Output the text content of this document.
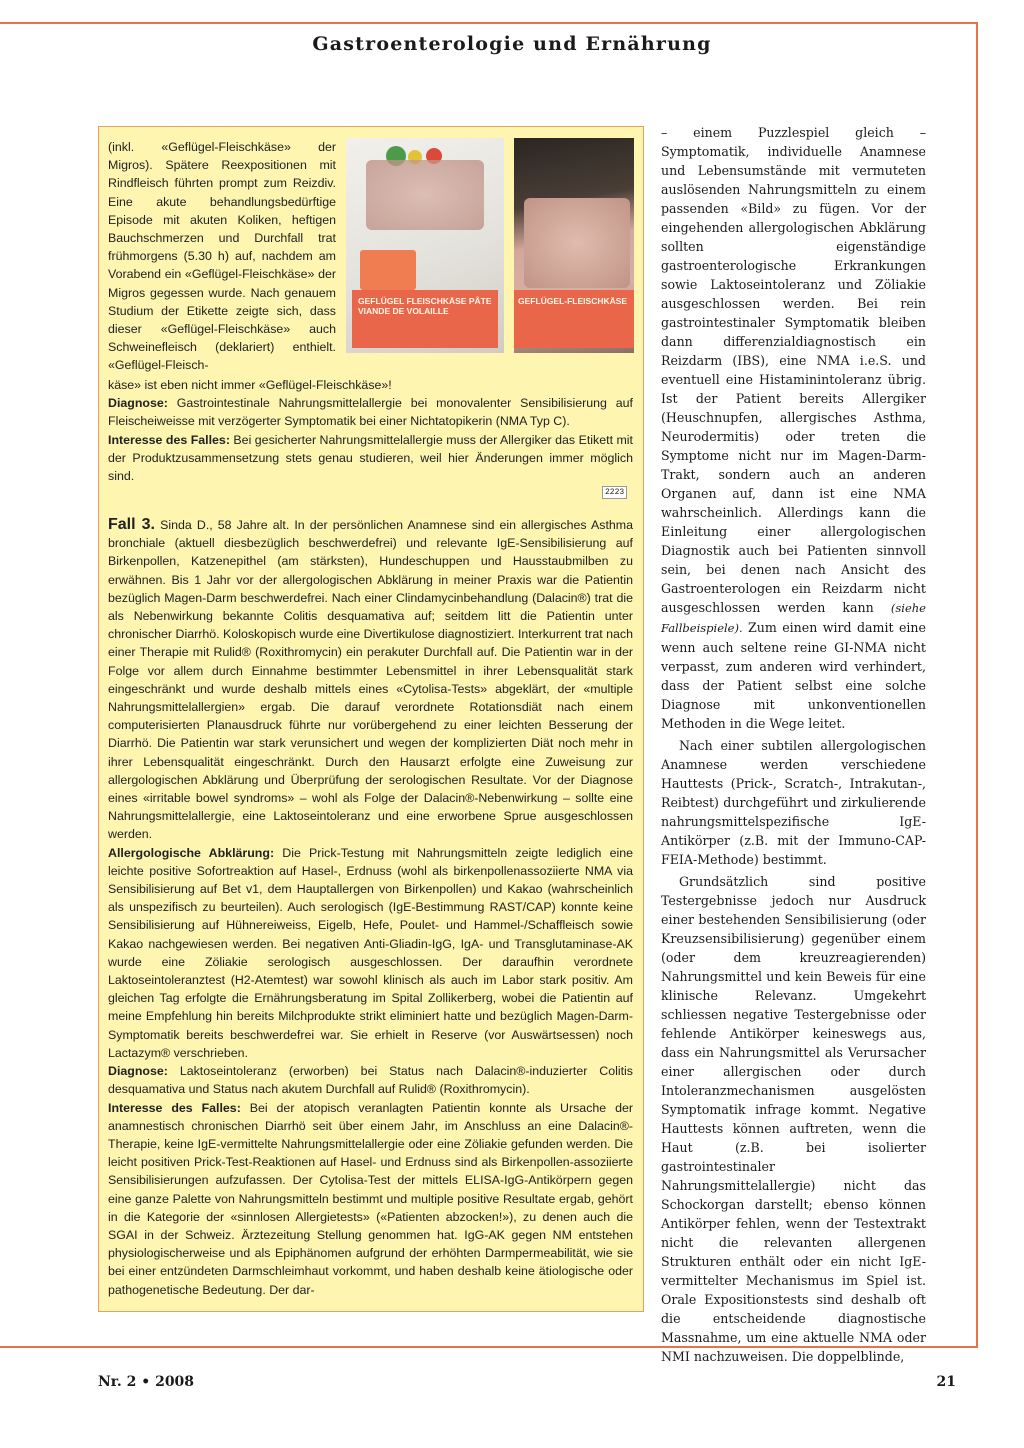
Gastroenterologie und Ernährung
(inkl. «Geflügel-Fleischkäse» der Migros). Spätere Reexpositionen mit Rindfleisch führten prompt zum Reizdiv. Eine akute behandlungsbedürftige Episode mit akuten Koliken, heftigen Bauchschmerzen und Durchfall trat frühmorgens (5.30 h) auf, nachdem am Vorabend ein «Geflügel-Fleischkäse» der Migros gegessen wurde. Nach genauem Studium der Etikette zeigte sich, dass dieser «Geflügel-Fleischkäse» auch Schweinefleisch (deklariert) enthielt. «Geflügel-Fleisch-
GEFLÜGEL FLEISCHKÄSE PÂTE VIANDE DE VOLAILLE
GEFLÜGEL-FLEISCHKÄSE
2223
käse» ist eben nicht immer «Geflügel-Fleischkäse»!
Diagnose: Gastrointestinale Nahrungsmittelallergie bei monovalenter Sensibilisierung auf Fleischeiweisse mit verzögerter Symptomatik bei einer Nichtatopikerin (NMA Typ C).
Interesse des Falles: Bei gesicherter Nahrungsmittelallergie muss der Allergiker das Etikett mit der Produktzusammensetzung stets genau studieren, weil hier Änderungen immer möglich sind.
Fall 3. Sinda D., 58 Jahre alt. In der persönlichen Anamnese sind ein allergisches Asthma bronchiale (aktuell diesbezüglich beschwerdefrei) und relevante IgE-Sensibilisierung auf Birkenpollen, Katzenepithel (am stärksten), Hundeschuppen und Hausstaubmilben zu erwähnen. Bis 1 Jahr vor der allergologischen Abklärung in meiner Praxis war die Patientin bezüglich Magen-Darm beschwerdefrei. Nach einer Clindamycinbehandlung (Dalacin®) trat die als Nebenwirkung bekannte Colitis desquamativa auf; seitdem litt die Patientin unter chronischer Diarrhö. Koloskopisch wurde eine Divertikulose diagnostiziert. Interkurrent trat nach einer Therapie mit Rulid® (Roxithromycin) ein perakuter Durchfall auf. Die Patientin war in der Folge vor allem durch Einnahme bestimmter Lebensmittel in ihrer Lebensqualität stark eingeschränkt und wurde deshalb mittels eines «Cytolisa-Tests» abgeklärt, der «multiple Nahrungsmittelallergien» ergab. Die darauf verordnete Rotationsdiät nach einem computerisierten Planausdruck führte nur vorübergehend zu einer leichten Besserung der Diarrhö. Die Patientin war stark verunsichert und wegen der komplizierten Diät noch mehr in ihrer Lebensqualität eingeschränkt. Durch den Hausarzt erfolgte eine Zuweisung zur allergologischen Abklärung und Überprüfung der serologischen Resultate. Vor der Diagnose eines «irritable bowel syndroms» – wohl als Folge der Dalacin®-Nebenwirkung – sollte eine Nahrungsmittelallergie, eine Laktoseintoleranz und eine erworbene Sprue ausgeschlossen werden.
Allergologische Abklärung: Die Prick-Testung mit Nahrungsmitteln zeigte lediglich eine leichte positive Sofortreaktion auf Hasel-, Erdnuss (wohl als birkenpollenassoziierte NMA via Sensibilisierung auf Bet v1, dem Hauptallergen von Birkenpollen) und Kakao (wahrscheinlich als unspezifisch zu beurteilen). Auch serologisch (IgE-Bestimmung RAST/CAP) konnte keine Sensibilisierung auf Hühnereiweiss, Eigelb, Hefe, Poulet- und Hammel-/Schaffleisch sowie Kakao nachgewiesen werden. Bei negativen Anti-Gliadin-IgG, IgA- und Transglutaminase-AK wurde eine Zöliakie serologisch ausgeschlossen. Der daraufhin verordnete Laktoseintoleranztest (H2-Atemtest) war sowohl klinisch als auch im Labor stark positiv. Am gleichen Tag erfolgte die Ernährungsberatung im Spital Zollikerberg, wobei die Patientin auf meine Empfehlung hin bereits Milchprodukte strikt eliminiert hatte und bezüglich Magen-Darm-Symptomatik bereits beschwerdefrei war. Sie erhielt in Reserve (vor Auswärtsessen) noch Lactazym® verschrieben.
Diagnose: Laktoseintoleranz (erworben) bei Status nach Dalacin®-induzierter Colitis desquamativa und Status nach akutem Durchfall auf Rulid® (Roxithromycin).
Interesse des Falles: Bei der atopisch veranlagten Patientin konnte als Ursache der anamnestisch chronischen Diarrhö seit über einem Jahr, im Anschluss an eine Dalacin®-Therapie, keine IgE-vermittelte Nahrungsmittelallergie oder eine Zöliakie gefunden werden. Die leicht positiven Prick-Test-Reaktionen auf Hasel- und Erdnuss sind als Birkenpollen-assoziierte Sensibilisierungen aufzufassen. Der Cytolisa-Test der mittels ELISA-IgG-Antikörpern gegen eine ganze Palette von Nahrungsmitteln bestimmt und multiple positive Resultate ergab, gehört in die Kategorie der «sinnlosen Allergietests» («Patienten abzocken!»), zu denen auch die SGAI in der Schweiz. Ärztezeitung Stellung genommen hat. IgG-AK gegen NM entstehen physiologischerweise und als Epiphänomen aufgrund der erhöhten Darmpermeabilität, wie sie bei einer entzündeten Darmschleimhaut vorkommt, und haben deshalb keine ätiologische oder pathogenetische Bedeutung. Der dar-

– einem Puzzlespiel gleich – Symptomatik, individuelle Anamnese und Lebensumstände mit vermuteten auslösenden Nahrungsmitteln zu einem passenden «Bild» zu fügen. Vor der eingehenden allergologischen Abklärung sollten eigenständige gastroenterologische Erkrankungen sowie Laktoseintoleranz und Zöliakie ausgeschlossen werden. Bei rein gastrointestinaler Symptomatik bleiben dann differenzialdiagnostisch ein Reizdarm (IBS), eine NMA i.e.S. und eventuell eine Histaminintoleranz übrig. Ist der Patient bereits Allergiker (Heuschnupfen, allergisches Asthma, Neurodermitis) oder treten die Symptome nicht nur im Magen-Darm-Trakt, sondern auch an anderen Organen auf, dann ist eine NMA wahrscheinlich. Allerdings kann die Einleitung einer allergologischen Diagnostik auch bei Patienten sinnvoll sein, bei denen nach Ansicht des Gastroenterologen ein Reizdarm nicht ausgeschlossen werden kann (siehe Fallbeispiele). Zum einen wird damit eine wenn auch seltene reine GI-NMA nicht verpasst, zum anderen wird verhindert, dass der Patient selbst eine solche Diagnose mit unkonventionellen Methoden in die Wege leitet.

Nach einer subtilen allergologischen Anamnese werden verschiedene Hauttests (Prick-, Scratch-, Intrakutan-, Reibtest) durchgeführt und zirkulierende nahrungsmittelspezifische IgE-Antikörper (z.B. mit der Immuno-CAP-FEIA-Methode) bestimmt.

Grundsätzlich sind positive Testergebnisse jedoch nur Ausdruck einer bestehenden Sensibilisierung (oder Kreuzsensibilisierung) gegenüber einem (oder dem kreuzreagierenden) Nahrungsmittel und kein Beweis für eine klinische Relevanz. Umgekehrt schliessen negative Testergebnisse oder fehlende Antikörper keineswegs aus, dass ein Nahrungsmittel als Verursacher einer allergischen oder durch Intoleranzmechanismen ausgelösten Symptomatik infrage kommt. Negative Hauttests können auftreten, wenn die Haut (z.B. bei isolierter gastrointestinaler Nahrungsmittelallergie) nicht das Schockorgan darstellt; ebenso können Antikörper fehlen, wenn der Testextrakt nicht die relevanten allergenen Strukturen enthält oder ein nicht IgE-vermittelter Mechanismus im Spiel ist. Orale Expositionstests sind deshalb oft die entscheidende diagnostische Massnahme, um eine aktuelle NMA oder NMI nachzuweisen. Die doppelblinde,

Nr. 2 • 2008	21
